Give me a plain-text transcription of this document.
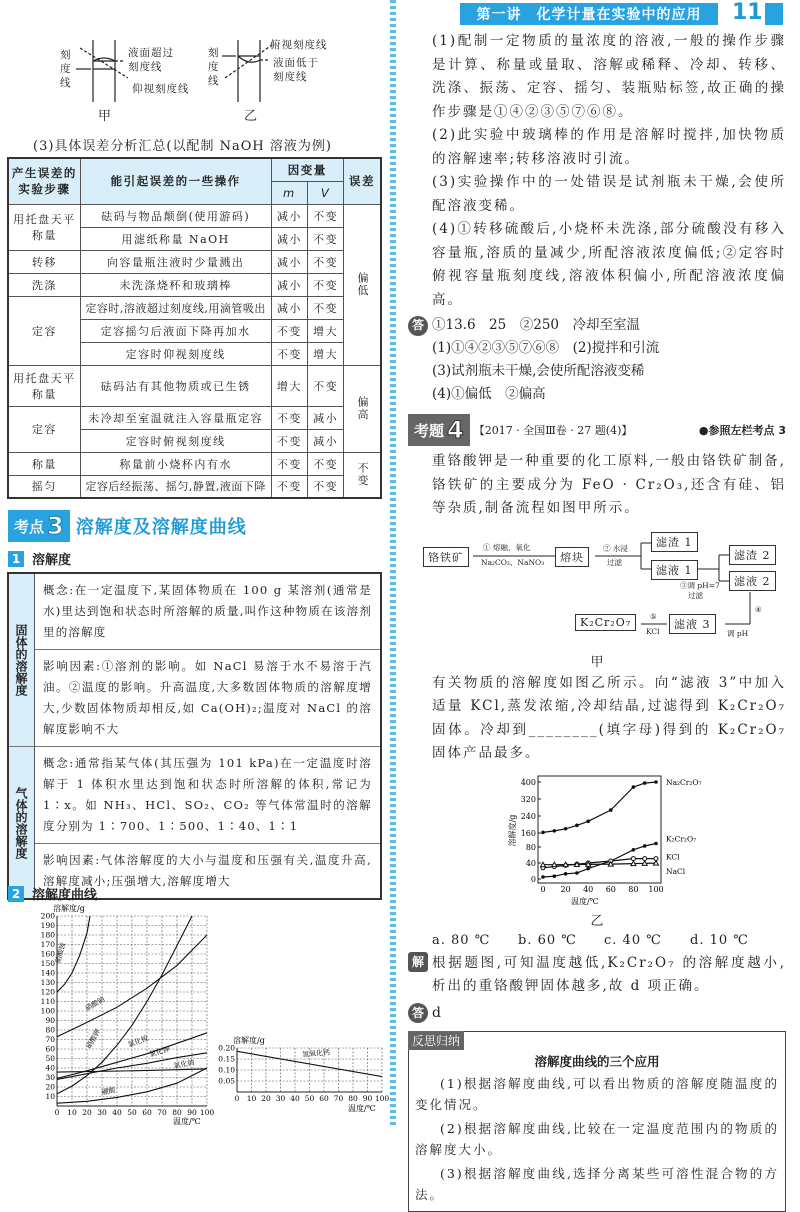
刻度线
液面超过刻度线
仰视刻度线
甲
刻度线
俯视刻度线
液面低于刻度线
乙
(3)具体误差分析汇总(以配制 NaOH 溶液为例)
产生误差的实验步骤	能引起误差的一些操作	因变量		误差
		m	V	
用托盘天平称量	砝码与物品颠倒(使用游码)	减小	不变	偏低
	用滤纸称量 NaOH	减小	不变	
转移	向容量瓶注液时少量溅出	减小	不变	
洗涤	未洗涤烧杯和玻璃棒	减小	不变	
定容	定容时,溶液超过刻度线,用滴管吸出	减小	不变	
	定容摇匀后液面下降再加水	不变	增大	
	定容时仰视刻度线	不变	增大	
用托盘天平称量	砝码沾有其他物质或已生锈	增大	不变	偏高
定容	未冷却至室温就注入容量瓶定容	不变	减小	
	定容时俯视刻度线	不变	减小	
称量	称量前小烧杯内有水	不变	不变	不变
摇匀	定容后经振荡、摇匀,静置,液面下降	不变	不变	
考点 3 溶解度及溶解度曲线
1 溶解度
固体的溶解度
概念:在一定温度下,某固体物质在 100 g 某溶剂(通常是水)里达到饱和状态时所溶解的质量,叫作这种物质在该溶剂里的溶解度
影响因素:①溶剂的影响。如 NaCl 易溶于水不易溶于汽油。②温度的影响。升高温度,大多数固体物质的溶解度增大,少数固体物质却相反,如 Ca(OH)₂;温度对 NaCl 的溶解度影响不大
气体的溶解度
概念:通常指某气体(其压强为 101 kPa)在一定温度时溶解于 1 体积水里达到饱和状态时所溶解的体积,常记为1∶x。如 NH₃、HCl、SO₂、CO₂ 等气体常温时的溶解度分别为 1∶700、1∶500、1∶40、1∶1
影响因素:气体溶解度的大小与温度和压强有关,温度升高,溶解度减小;压强增大,溶解度增大
2 溶解度曲线
0 10 20 30 40 50 60 70 80 90 100
10
20
30
40
50
60
70
80
90
100
110
120
130
140
150
160
170
180
190
200
溶解度/g
温度/℃
硝酸铵
硝酸钠
硝酸钾	氯化铵
氯化钾
氯化钠
硼酸
0 10 20 30 40 50 60 70 80 90 100
0.05
0.10
0.15
0.20
溶解度/g
温度/℃
氢氧化钙
第一讲　化学计量在实验中的应用	11

(1)配制一定物质的量浓度的溶液,一般的操作步骤是计算、称量或量取、溶解或稀释、冷却、转移、洗涤、振荡、定容、摇匀、装瓶贴标签,故正确的操作步骤是①④②③⑤⑦⑥⑧。

(2)此实验中玻璃棒的作用是溶解时搅拌,加快物质的溶解速率;转移溶液时引流。

(3)实验操作中的一处错误是试剂瓶未干燥,会使所配溶液变稀。

(4)①转移硫酸后,小烧杯未洗涤,部分硫酸没有移入容量瓶,溶质的量减少,所配溶液浓度偏低;②定容时俯视容量瓶刻度线,溶液体积偏小,所配溶液浓度偏高。

答 ①13.6　25　②250　冷却至室温
(1)①④②③⑤⑦⑥⑧　(2)搅拌和引流
(3)试剂瓶未干燥,会使所配溶液变稀
(4)①偏低　②偏高
考题 4 【2017 · 全国Ⅲ卷 · 27 题(4)】	●参照左栏考点 3

重铬酸钾是一种重要的化工原料,一般由铬铁矿制备,铬铁矿的主要成分为 FeO · Cr₂O₃,还含有硅、铝等杂质,制备流程如图甲所示。

铬铁矿
① 熔融、氧化
Na₂CO₃、NaNO₃	熔块
② 水浸
过滤
滤渣 1
滤液 1
③调 pH=7
过滤
滤渣 2
滤液 2
④
调 pH
滤液 3
⑤
KCl
K₂Cr₂O₇
甲

有关物质的溶解度如图乙所示。向“滤液 3”中加入适量 KCl,蒸发浓缩,冷却结晶,过滤得到 K₂Cr₂O₇ 固体。冷却到________(填字母)得到的 K₂Cr₂O₇ 固体产品最多。

0 20 40 60 80 100
0
40
80
160
240
320
400
溶解度/g
温度/℃
Na₂Cr₂O₇
K₂Cr₂O₇
KCl
NaCl
乙
a. 80 ℃	b. 60 ℃	c. 40 ℃	d. 10 ℃
解 根据题图,可知温度越低,K₂Cr₂O₇ 的溶解度越小,析出的重铬酸钾固体越多,故 d 项正确。

答 d
反思归纳
溶解度曲线的三个应用

(1)根据溶解度曲线,可以看出物质的溶解度随温度的变化情况。

(2)根据溶解度曲线,比较在一定温度范围内的物质的溶解度大小。

(3)根据溶解度曲线,选择分离某些可溶性混合物的方法。
